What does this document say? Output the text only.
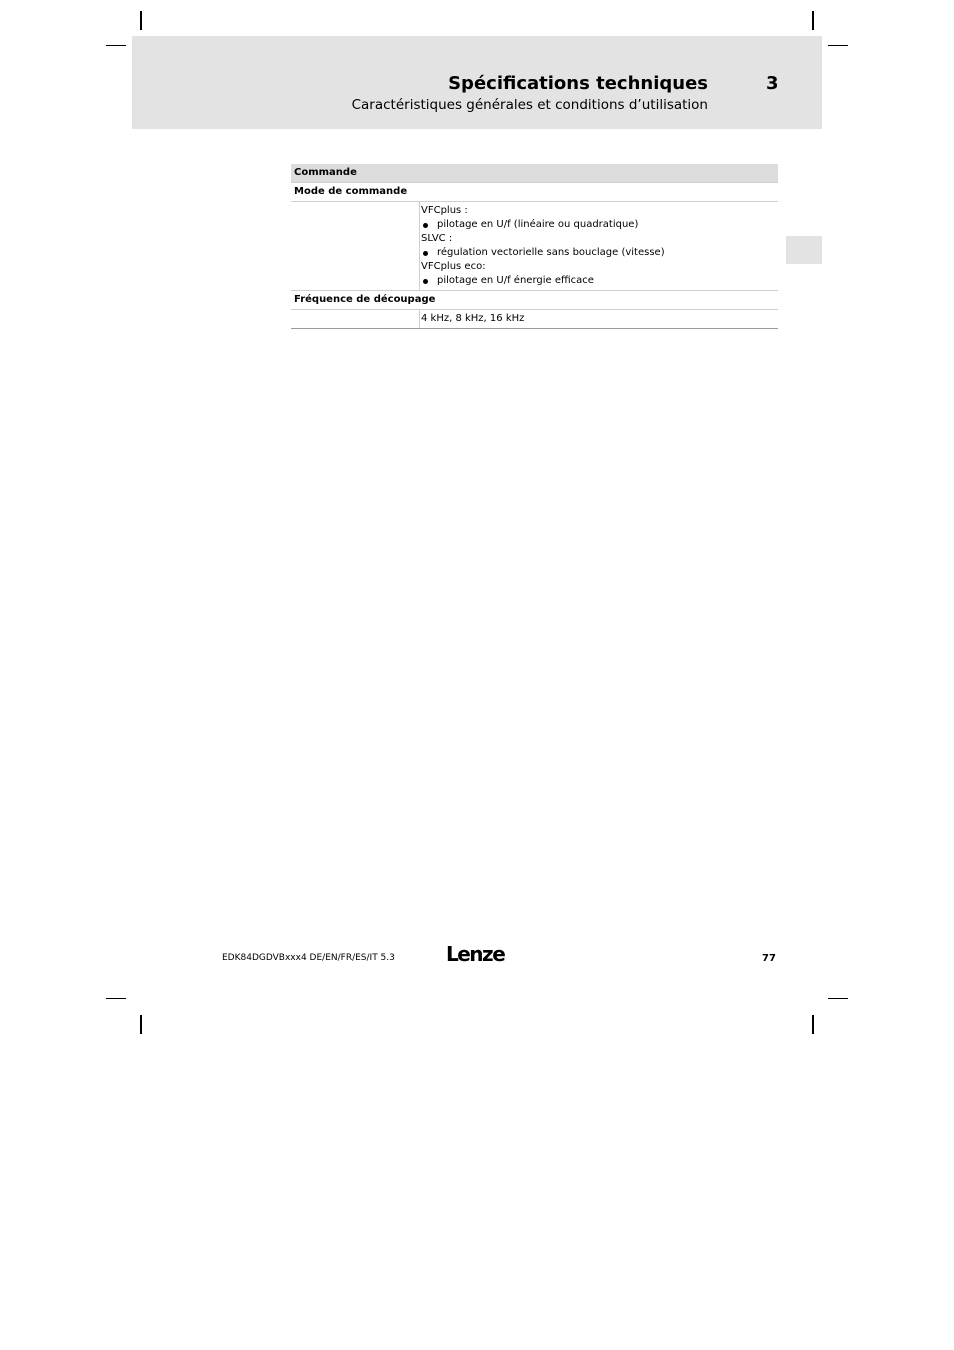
Spécifications techniques	3
Caractéristiques générales et conditions d’utilisation
Commande
Mode de commande
VFCplus :
pilotage en U/f (linéaire ou quadratique)
SLVC :
régulation vectorielle sans bouclage (vitesse)
VFCplus eco:
pilotage en U/f énergie efficace
Fréquence de découpage
4 kHz, 8 kHz, 16 kHz
EDK84DGDVBxxx4 DE/EN/FR/ES/IT 5.3	Lenze	77
